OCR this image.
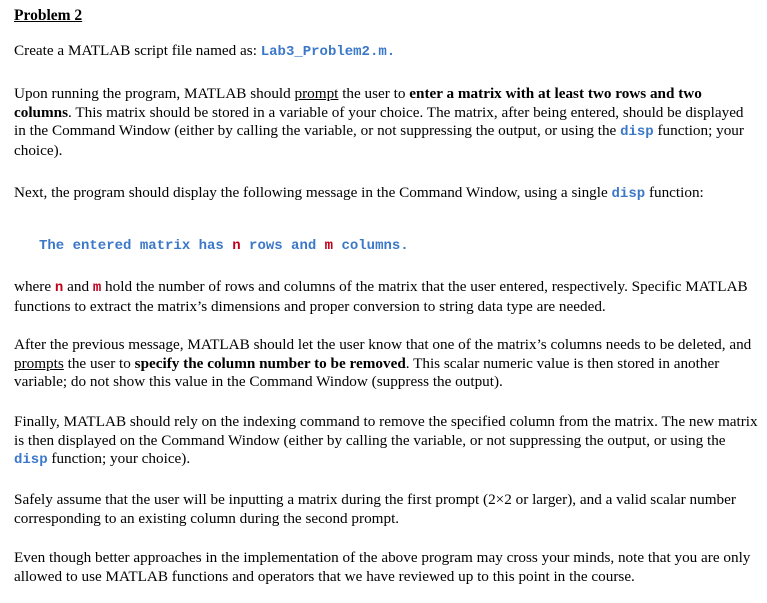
Problem 2

Create a MATLAB script file named as: Lab3_Problem2.m.

Upon running the program, MATLAB should prompt the user to enter a matrix with at least two rows and two columns. This matrix should be stored in a variable of your choice. The matrix, after being entered, should be displayed in the Command Window (either by calling the variable, or not suppressing the output, or using the disp function; your choice).

Next, the program should display the following message in the Command Window, using a single disp function:

The entered matrix has n rows and m columns.

where n and m hold the number of rows and columns of the matrix that the user entered, respectively. Specific MATLAB functions to extract the matrix’s dimensions and proper conversion to string data type are needed.

After the previous message, MATLAB should let the user know that one of the matrix’s columns needs to be deleted, and prompts the user to specify the column number to be removed. This scalar numeric value is then stored in another variable; do not show this value in the Command Window (suppress the output).

Finally, MATLAB should rely on the indexing command to remove the specified column from the matrix. The new matrix is then displayed on the Command Window (either by calling the variable, or not suppressing the output, or using the disp function; your choice).

Safely assume that the user will be inputting a matrix during the first prompt (2×2 or larger), and a valid scalar number corresponding to an existing column during the second prompt.

Even though better approaches in the implementation of the above program may cross your minds, note that you are only allowed to use MATLAB functions and operators that we have reviewed up to this point in the course.
